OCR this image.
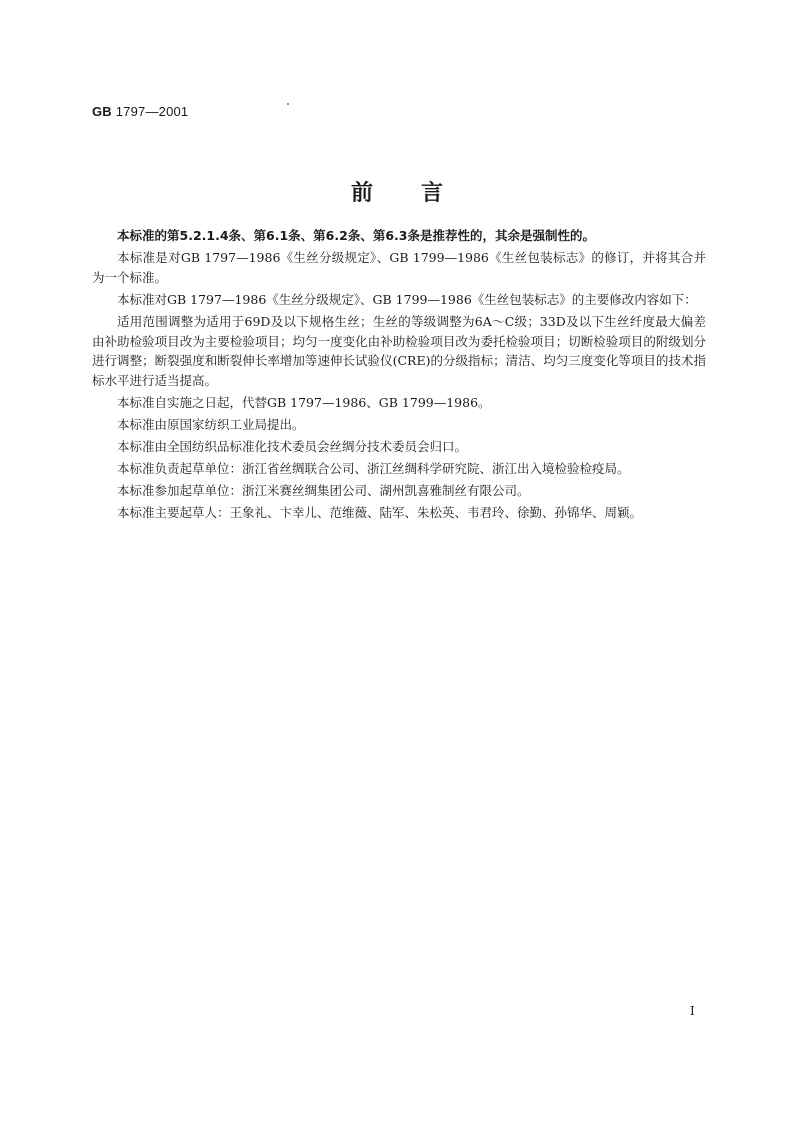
GB 1797—2001
前言

本标准的第5.2.1.4条、第6.1条、第6.2条、第6.3条是推荐性的，其余是强制性的。

本标准是对GB 1797—1986《生丝分级规定》、GB 1799—1986《生丝包装标志》的修订，并将其合并为一个标准。

本标准对GB 1797—1986《生丝分级规定》、GB 1799—1986《生丝包装标志》的主要修改内容如下：

适用范围调整为适用于69D及以下规格生丝；生丝的等级调整为6A～C级；33D及以下生丝纤度最大偏差由补助检验项目改为主要检验项目；均匀一度变化由补助检验项目改为委托检验项目；切断检验项目的附级划分进行调整；断裂强度和断裂伸长率增加等速伸长试验仪(CRE)的分级指标；清洁、均匀三度变化等项目的技术指标水平进行适当提高。

本标准自实施之日起，代替GB 1797—1986、GB 1799—1986。

本标准由原国家纺织工业局提出。

本标准由全国纺织品标准化技术委员会丝绸分技术委员会归口。

本标准负责起草单位：浙江省丝绸联合公司、浙江丝绸科学研究院、浙江出入境检验检疫局。

本标准参加起草单位：浙江米赛丝绸集团公司、湖州凯喜雅制丝有限公司。

本标准主要起草人：王象礼、卞幸儿、范维薇、陆军、朱松英、韦君玲、徐勤、孙锦华、周颖。

I
